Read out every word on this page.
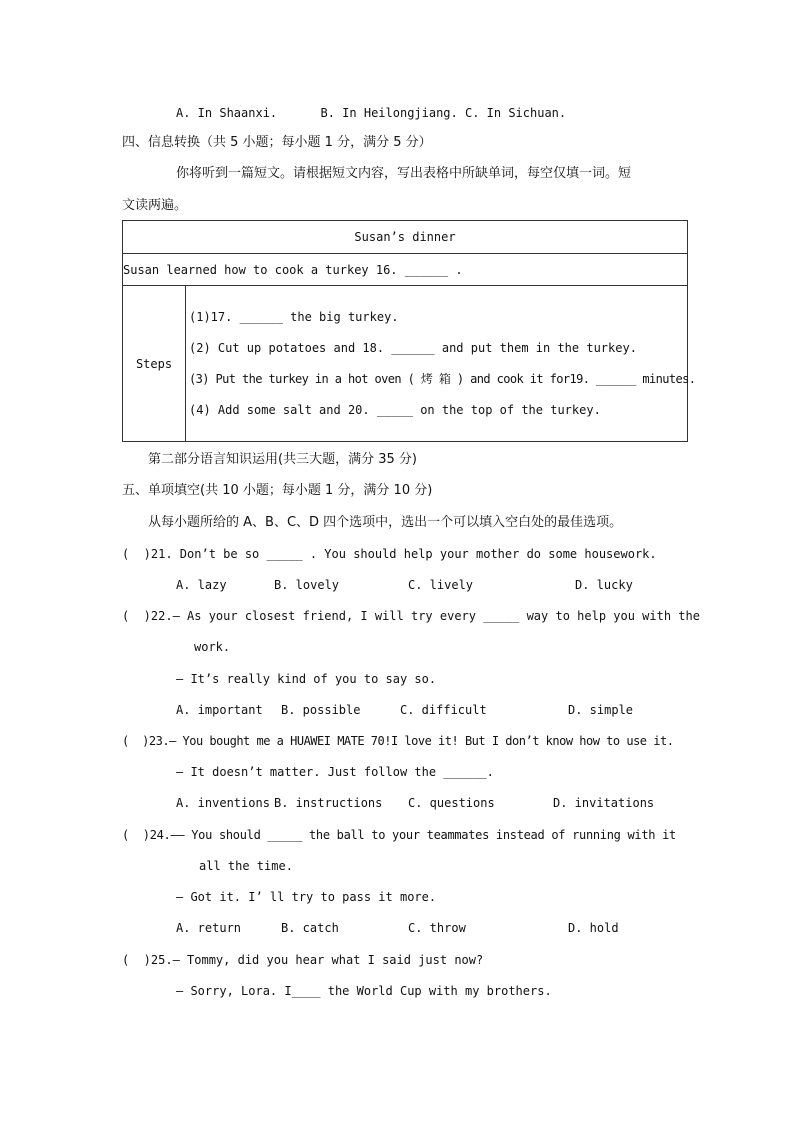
A. In Shaanxi.      B. In Heilongjiang. C. In Sichuan.
四、信息转换（共 5 小题；每小题 1 分，满分 5 分）
你将听到一篇短文。请根据短文内容，写出表格中所缺单词，每空仅填一词。短
文读两遍。
Susan’s dinner
Susan learned how to cook a turkey 16. ______ .
Steps	
(1)17. ______ the big turkey.
(2) Cut up potatoes and 18. ______ and put them in the turkey.
(3) Put the turkey in a hot oven ( 烤 箱 ) and cook it for19. ______ minutes.
(4) Add some salt and 20. _____ on the top of the turkey.
第二部分语言知识运用(共三大题，满分 35 分)
五、单项填空(共 10 小题；每小题 1 分，满分 10 分)
从每小题所给的 A、B、C、D 四个选项中，选出一个可以填入空白处的最佳选项。
(  )21. Don’t be so _____ . You should help your mother do some housework.
A. lazy	B. lovely	C. lively	D. lucky
(  )22.— As your closest friend, I will try every _____ way to help you with the
work.
— It’s really kind of you to say so.
A. important B. possible	C. difficult	D. simple
(  )23.— You bought me a HUAWEI MATE 70!I love it! But I don’t know how to use it.
— It doesn’t matter. Just follow the ______.
A. inventions B. instructions C. questions	D. invitations
(  )24.—— You should _____ the ball to your teammates instead of running with it
all the time.
— Got it. I’ ll try to pass it more.
A. return	B. catch	C. throw	D. hold
(  )25.— Tommy, did you hear what I said just now?
— Sorry, Lora. I____ the World Cup with my brothers.
